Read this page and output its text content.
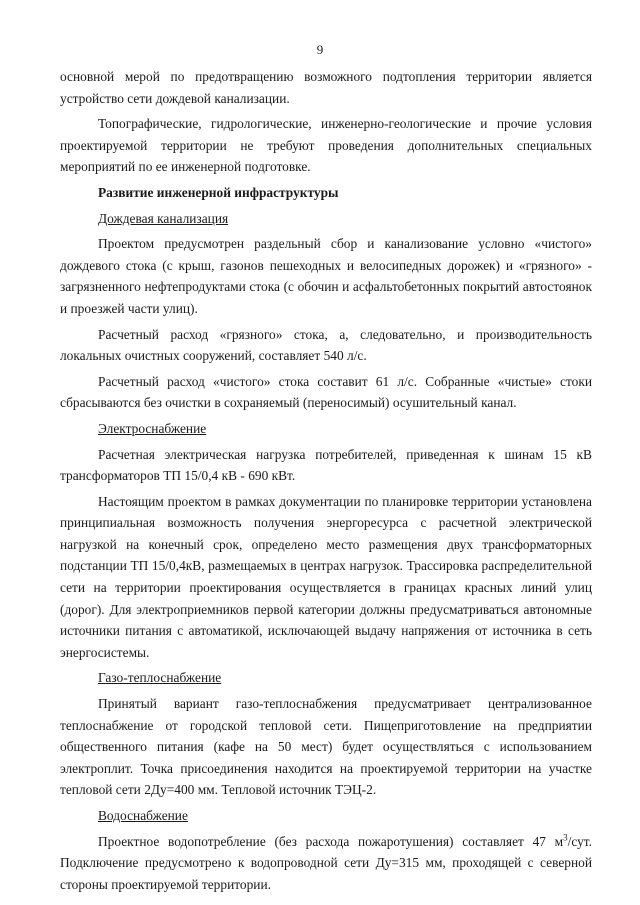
9

основной мерой по предотвращению возможного подтопления территории является устройство сети дождевой канализации.

Топографические, гидрологические, инженерно-геологические и прочие условия проектируемой территории не требуют проведения дополнительных специальных мероприятий по ее инженерной подготовке.

Развитие инженерной инфраструктуры

Дождевая канализация

Проектом предусмотрен раздельный сбор и канализование условно «чистого» дождевого стока (с крыш, газонов пешеходных и велосипедных дорожек) и «грязного» - загрязненного нефтепродуктами стока (с обочин и асфальтобетонных покрытий автостоянок и проезжей части улиц).

Расчетный расход «грязного» стока, а, следовательно, и производительность локальных очистных сооружений, составляет 540 л/с.

Расчетный расход «чистого» стока составит 61 л/с. Собранные «чистые» стоки сбрасываются без очистки в сохраняемый (переносимый) осушительный канал.

Электроснабжение

Расчетная электрическая нагрузка потребителей, приведенная к шинам 15 кВ трансформаторов ТП 15/0,4 кВ - 690 кВт.

Настоящим проектом в рамках документации по планировке территории установлена принципиальная возможность получения энергоресурса с расчетной электрической нагрузкой на конечный срок, определено место размещения двух трансформаторных подстанции ТП 15/0,4кВ, размещаемых в центрах нагрузок. Трассировка распределительной сети на территории проектирования осуществляется в границах красных линий улиц (дорог). Для электроприемников первой категории должны предусматриваться автономные источники питания с автоматикой, исключающей выдачу напряжения от источника в сеть энергосистемы.

Газо-теплоснабжение

Принятый вариант газо-теплоснабжения предусматривает централизованное теплоснабжение от городской тепловой сети. Пищеприготовление на предприятии общественного питания (кафе на 50 мест) будет осуществляться с использованием электроплит. Точка присоединения находится на проектируемой территории на участке тепловой сети 2Ду=400 мм. Тепловой источник ТЭЦ-2.

Водоснабжение

Проектное водопотребление (без расхода пожаротушения) составляет 47 $м^3$/сут. Подключение предусмотрено к водопроводной сети Ду=315 мм, проходящей с северной стороны проектируемой территории.
